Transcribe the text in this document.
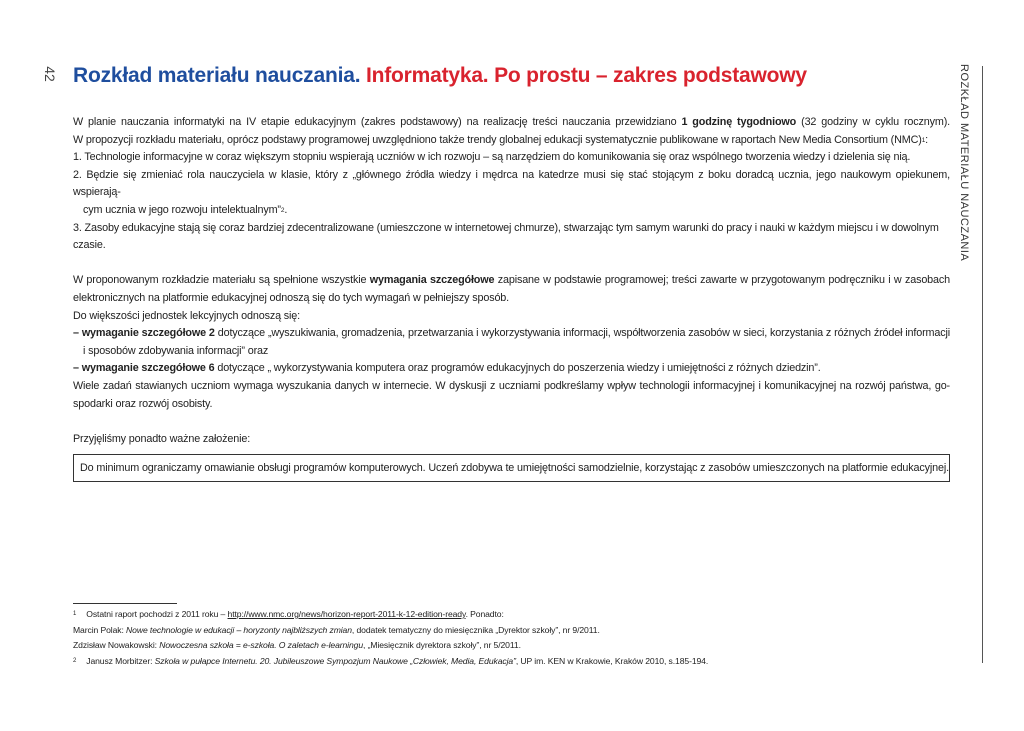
42 Rozkład materiału nauczania. Informatyka. Po prostu – zakres podstawowy	ROZKŁAD MATERIAŁU NAUCZANIA

W planie nauczania informatyki na IV etapie edukacyjnym (zakres podstawowy) na realizację treści nauczania przewidziano 1 godzinę tygodniowo (32 godziny w cyklu rocznym).

W propozycji rozkładu materiału, oprócz podstawy programowej uwzględniono także trendy globalnej edukacji systematycznie publikowane w raportach New Media Consortium (NMC)$^1$:

1. Technologie informacyjne w coraz większym stopniu wspierają uczniów w ich rozwoju – są narzędziem do komunikowania się oraz wspólnego tworzenia wiedzy i dzielenia się nią.

2. Będzie się zmieniać rola nauczyciela w klasie, który z „głównego źródła wiedzy i mędrca na katedrze musi się stać stojącym z boku doradcą ucznia, jego naukowym opiekunem, wspierają-

cym ucznia w jego rozwoju intelektualnym”$^2$.

3. Zasoby edukacyjne stają się coraz bardziej zdecentralizowane (umieszczone w internetowej chmurze), stwarzając tym samym warunki do pracy i nauki w każdym miejscu i w dowolnym czasie.

W proponowanym rozkładzie materiału są spełnione wszystkie wymagania szczegółowe zapisane w podstawie programowej; treści zawarte w przygotowanym podręczniku i w zasobach

elektronicznych na platformie edukacyjnej odnoszą się do tych wymagań w pełniejszy sposób.

Do większości jednostek lekcyjnych odnoszą się:

– wymaganie szczegółowe 2 dotyczące „wyszukiwania, gromadzenia, przetwarzania i wykorzystywania informacji, współtworzenia zasobów w sieci, korzystania z różnych źródeł informacji

i sposobów zdobywania informacji” oraz

– wymaganie szczegółowe 6 dotyczące „ wykorzystywania komputera oraz programów edukacyjnych do poszerzenia wiedzy i umiejętności z różnych dziedzin”.

Wiele zadań stawianych uczniom wymaga wyszukania danych w internecie. W dyskusji z uczniami podkreślamy wpływ technologii informacyjnej i komunikacyjnej na rozwój państwa, go-

spodarki oraz rozwój osobisty.

Przyjęliśmy ponadto ważne założenie:

Do minimum ograniczamy omawianie obsługi programów komputerowych. Uczeń zdobywa te umiejętności samodzielnie, korzystając z zasobów umieszczonych na platformie edukacyjnej.

$^1$ Ostatni raport pochodzi z 2011 roku – http://www.nmc.org/news/horizon-report-2011-k-12-edition-ready. Ponadto:

Marcin Polak: Nowe technologie w edukacji – horyzonty najbliższych zmian, dodatek tematyczny do miesięcznika „Dyrektor szkoły”, nr 9/2011.

Zdzisław Nowakowski: Nowoczesna szkoła = e-szkoła. O zaletach e-learningu, „Miesięcznik dyrektora szkoły”, nr 5/2011.

$^2$ Janusz Morbitzer: Szkoła w pułapce Internetu. 20. Jubileuszowe Sympozjum Naukowe „Człowiek, Media, Edukacja”, UP im. KEN w Krakowie, Kraków 2010, s.185-194.
